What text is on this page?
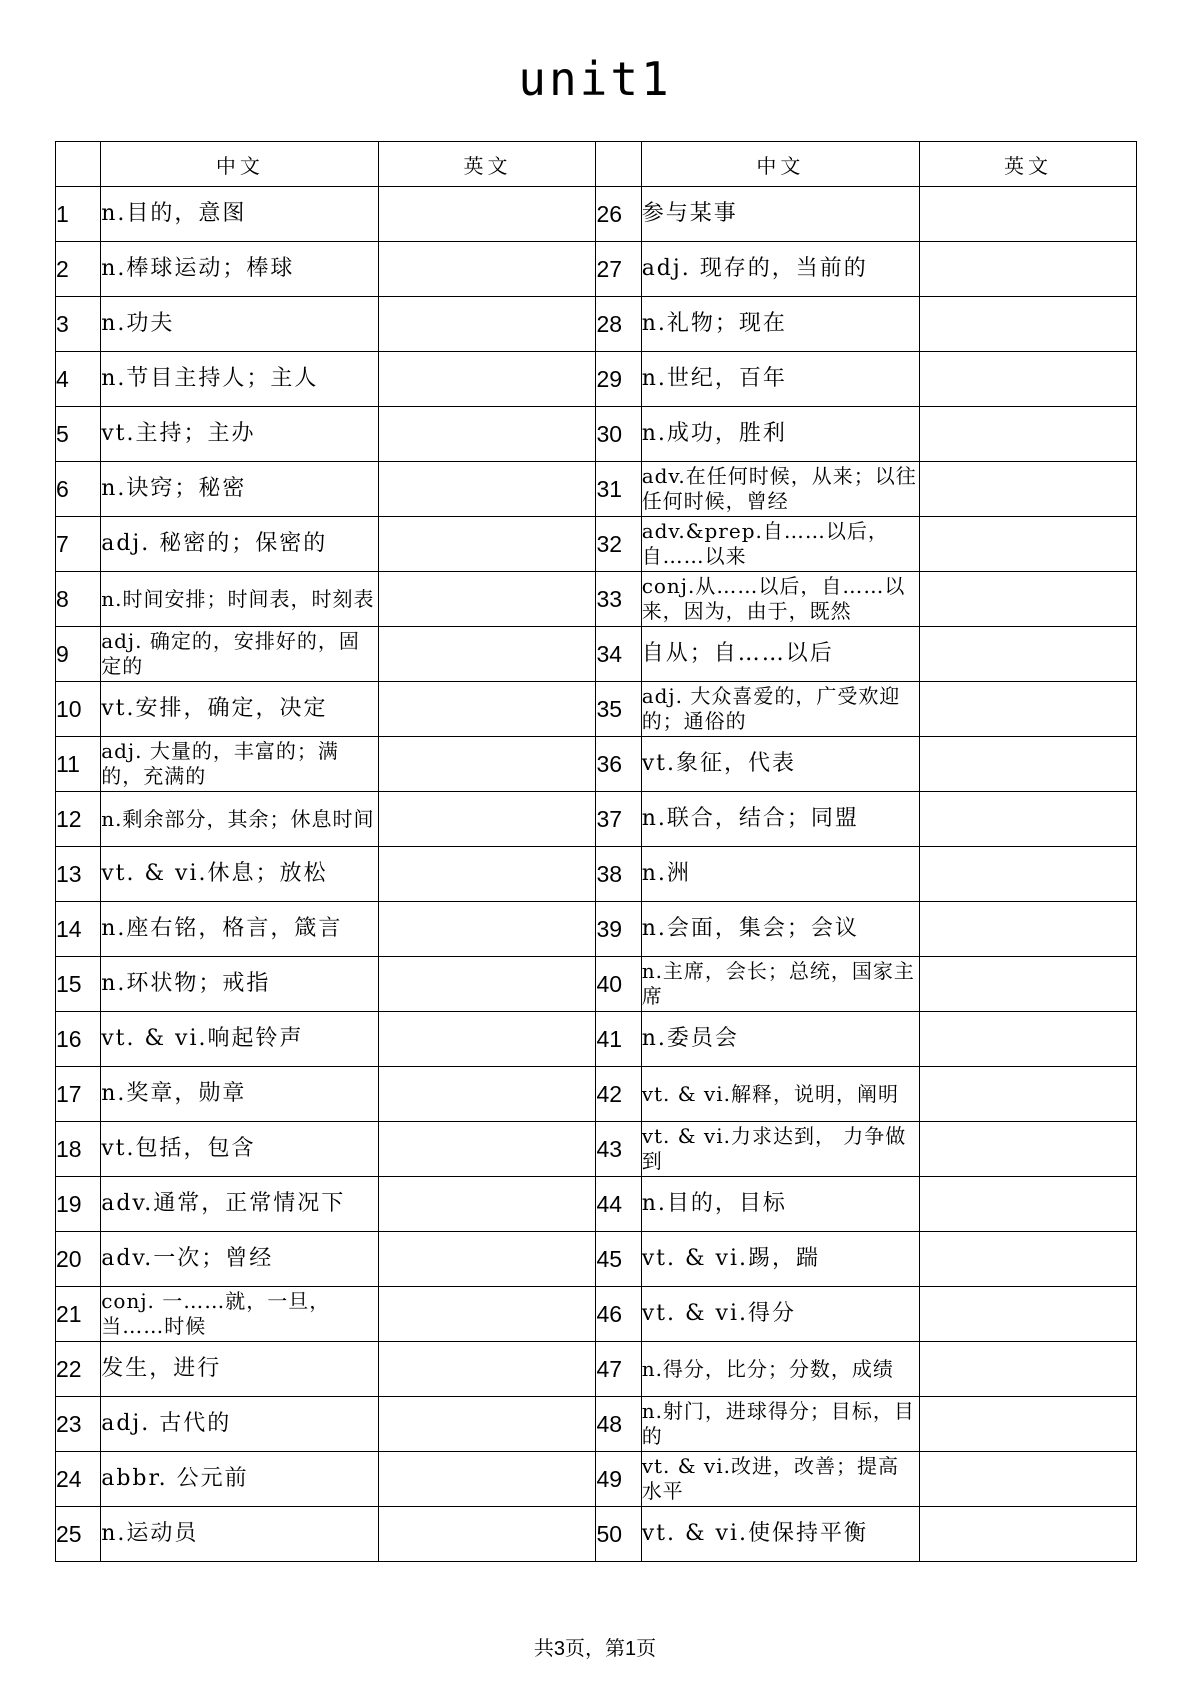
unit1
	中文	英文		中文	英文
1	n.目的，意图		26	参与某事	
2	n.棒球运动；棒球		27	adj. 现存的，当前的	
3	n.功夫		28	n.礼物；现在	
4	n.节目主持人；主人		29	n.世纪，百年	
5	vt.主持；主办		30	n.成功，胜利	
6	n.诀窍；秘密		31	adv.在任何时候，从来；以往任何时候，曾经	
7	adj. 秘密的；保密的		32	adv.&prep.自……以后，自……以来	
8	n.时间安排；时间表，时刻表		33	conj.从……以后，自……以来，因为，由于，既然	
9	adj. 确定的，安排好的，固定的		34	自从；自……以后	
10	vt.安排，确定，决定		35	adj. 大众喜爱的，广受欢迎的；通俗的	
11	adj. 大量的，丰富的；满的，充满的		36	vt.象征，代表	
12	n.剩余部分，其余；休息时间		37	n.联合，结合；同盟	
13	vt. & vi.休息；放松		38	n.洲	
14	n.座右铭，格言，箴言		39	n.会面，集会；会议	
15	n.环状物；戒指		40	n.主席，会长；总统，国家主席	
16	vt. & vi.响起铃声		41	n.委员会	
17	n.奖章，勋章		42	vt. & vi.解释，说明，阐明	
18	vt.包括，包含		43	vt. & vi.力求达到， 力争做到	
19	adv.通常，正常情况下		44	n.目的，目标	
20	adv.一次；曾经		45	vt. & vi.踢，踹	
21	conj. 一……就，一旦，当……时候		46	vt. & vi.得分	
22	发生，进行		47	n.得分，比分；分数，成绩	
23	adj. 古代的		48	n.射门，进球得分；目标，目的	
24	abbr. 公元前		49	vt. & vi.改进，改善；提高水平	
25	n.运动员		50	vt. & vi.使保持平衡	
共3页，第1页
